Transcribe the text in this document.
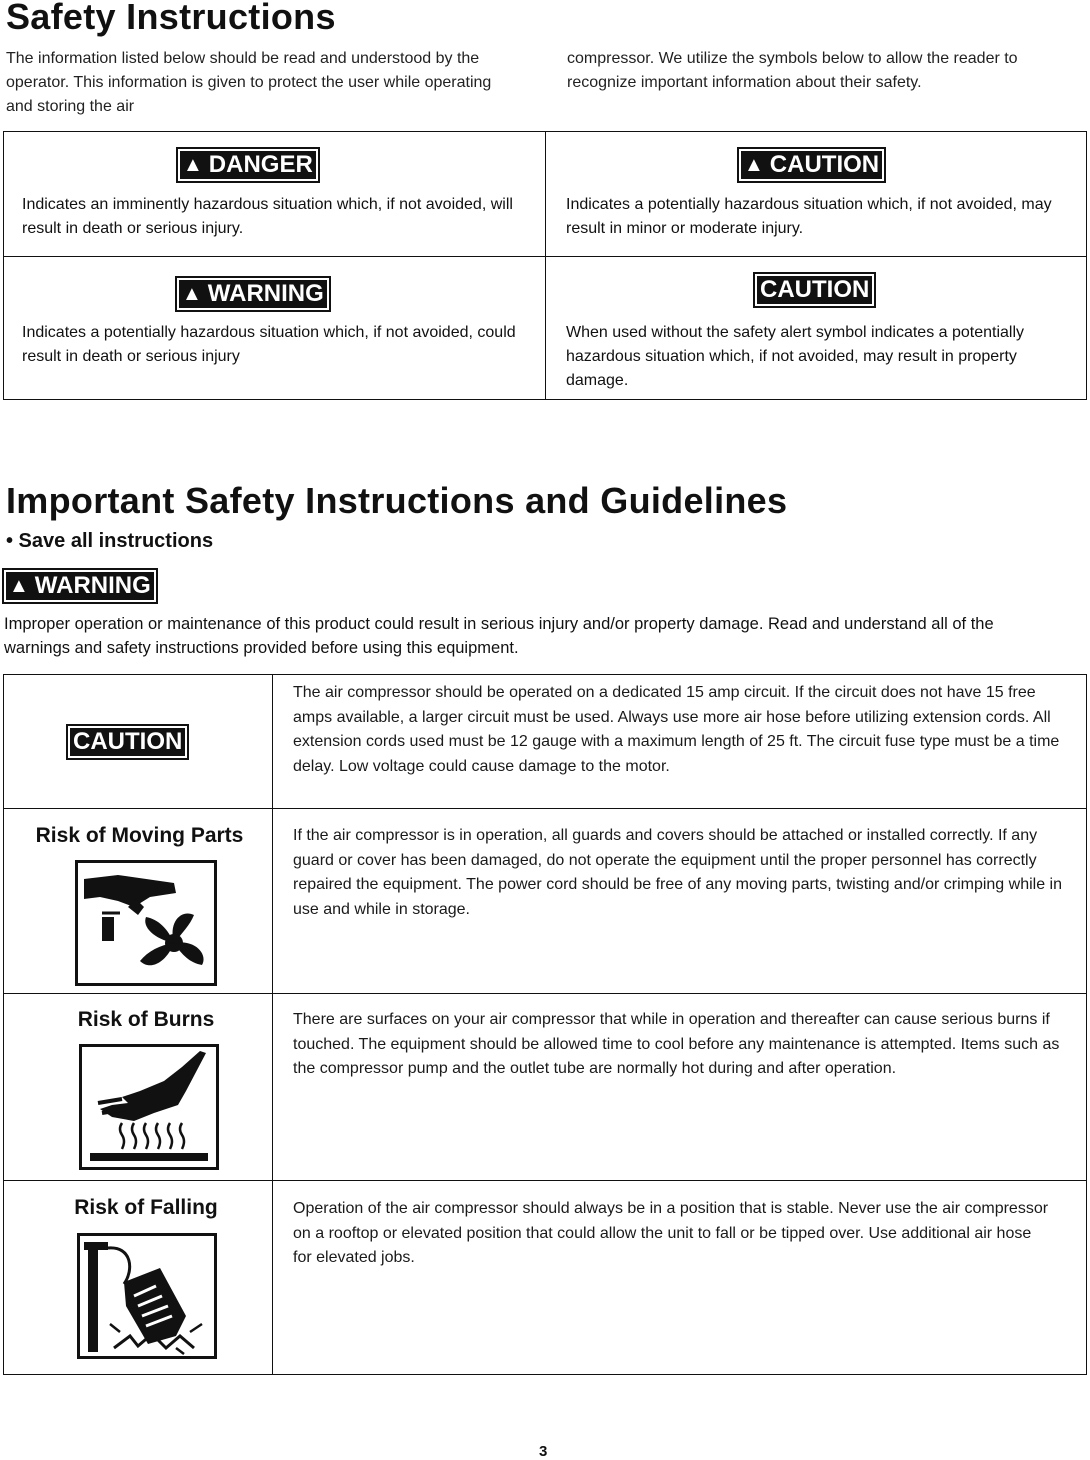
Safety Instructions
The information listed below should be read and understood by the operator. This information is given to protect the user while operating and storing the air
compressor. We utilize the symbols below to allow the reader to recognize important information about their safety.
▲ DANGER
Indicates an imminently hazardous situation which, if not avoided, will result in death or serious injury.
▲ CAUTION
Indicates a potentially hazardous situation which, if not avoided, may result in minor or moderate injury.
▲ WARNING
Indicates a potentially hazardous situation which, if not avoided, could result in death or serious injury
CAUTION
When used without the safety alert symbol indicates a potentially hazardous situation which, if not avoided, may result in property damage.
Important Safety Instructions and Guidelines
• Save all instructions
▲ WARNING
Improper operation or maintenance of this product could result in serious injury and/or property damage. Read and understand all of the warnings and safety instructions provided before using this equipment.
CAUTION
The air compressor should be operated on a dedicated 15 amp circuit. If the circuit does not have 15 free amps available, a larger circuit must be used. Always use more air hose before utilizing extension cords. All extension cords used must be 12 gauge with a maximum length of 25 ft. The circuit fuse type must be a time delay. Low voltage could cause damage to the motor.
Risk of Moving Parts	If the air compressor is in operation, all guards and covers should be attached or installed correctly. If any guard or cover has been damaged, do not operate the equipment until the proper personnel has correctly repaired the equipment. The power cord should be free of any moving parts, twisting and/or crimping while in use and while in storage.
Risk of Burns	There are surfaces on your air compressor that while in operation and thereafter can cause serious burns if touched. The equipment should be allowed time to cool before any maintenance is attempted. Items such as the compressor pump and the outlet tube are normally hot during and after operation.
Risk of Falling	Operation of the air compressor should always be in a position that is stable. Never use the air compressor on a rooftop or elevated position that could allow the unit to fall or be tipped over. Use additional air hose for elevated jobs.
3
